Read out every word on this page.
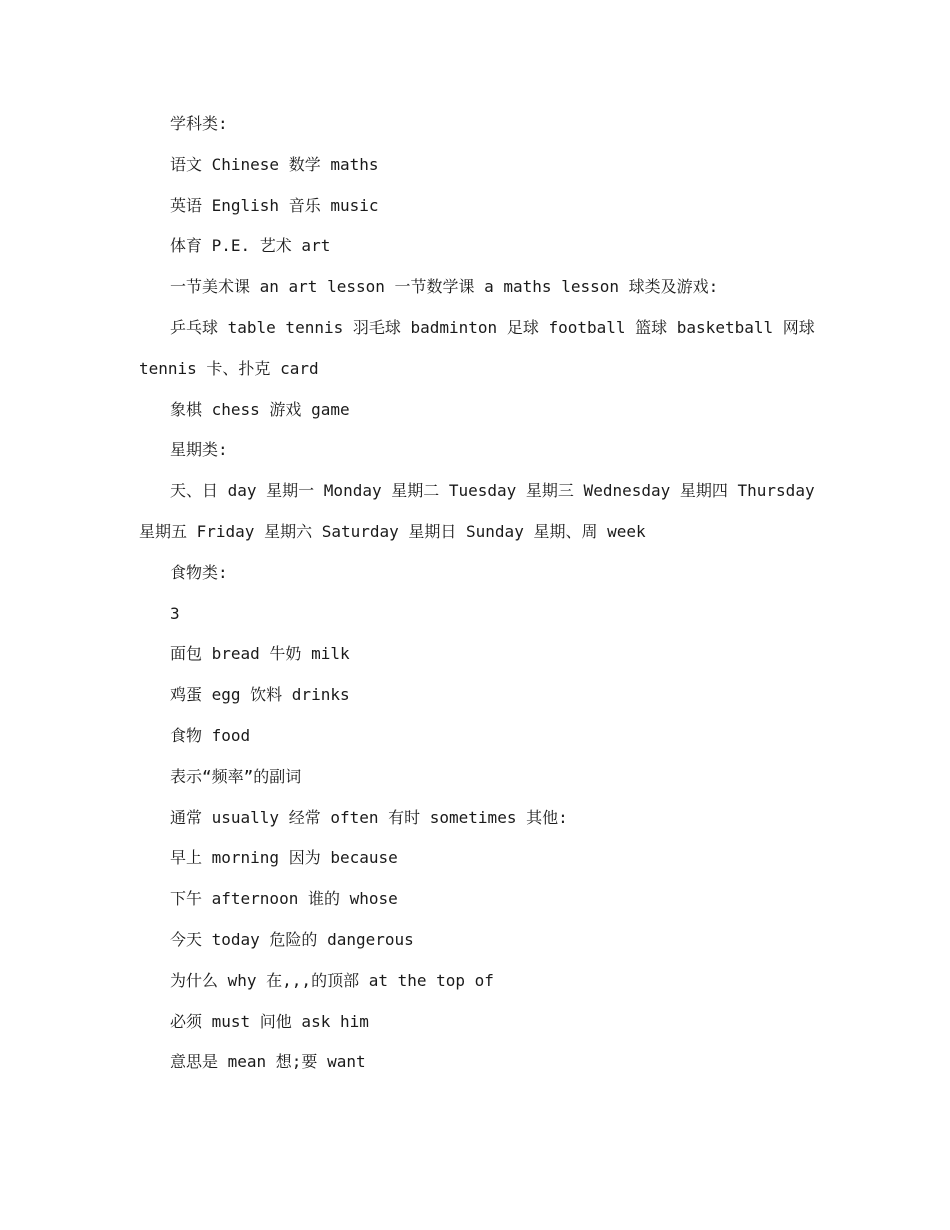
学科类:

语文 Chinese 数学 maths

英语 English 音乐 music

体育 P.E. 艺术 art

一节美术课 an art lesson 一节数学课 a maths lesson 球类及游戏:

乒乓球 table tennis 羽毛球 badminton 足球 football 篮球 basketball 网球 tennis 卡、扑克 card

象棋 chess 游戏 game

星期类:

天、日 day 星期一 Monday 星期二 Tuesday 星期三 Wednesday 星期四 Thursday 星期五 Friday 星期六 Saturday 星期日 Sunday 星期、周 week

食物类:

3

面包 bread 牛奶 milk

鸡蛋 egg 饮料 drinks

食物 food

表示“频率”的副词

通常 usually 经常 often 有时 sometimes 其他:

早上 morning 因为 because

下午 afternoon 谁的 whose

今天 today 危险的 dangerous

为什么 why 在,,,的顶部 at the top of

必须 must 问他 ask him

意思是 mean 想;要 want
